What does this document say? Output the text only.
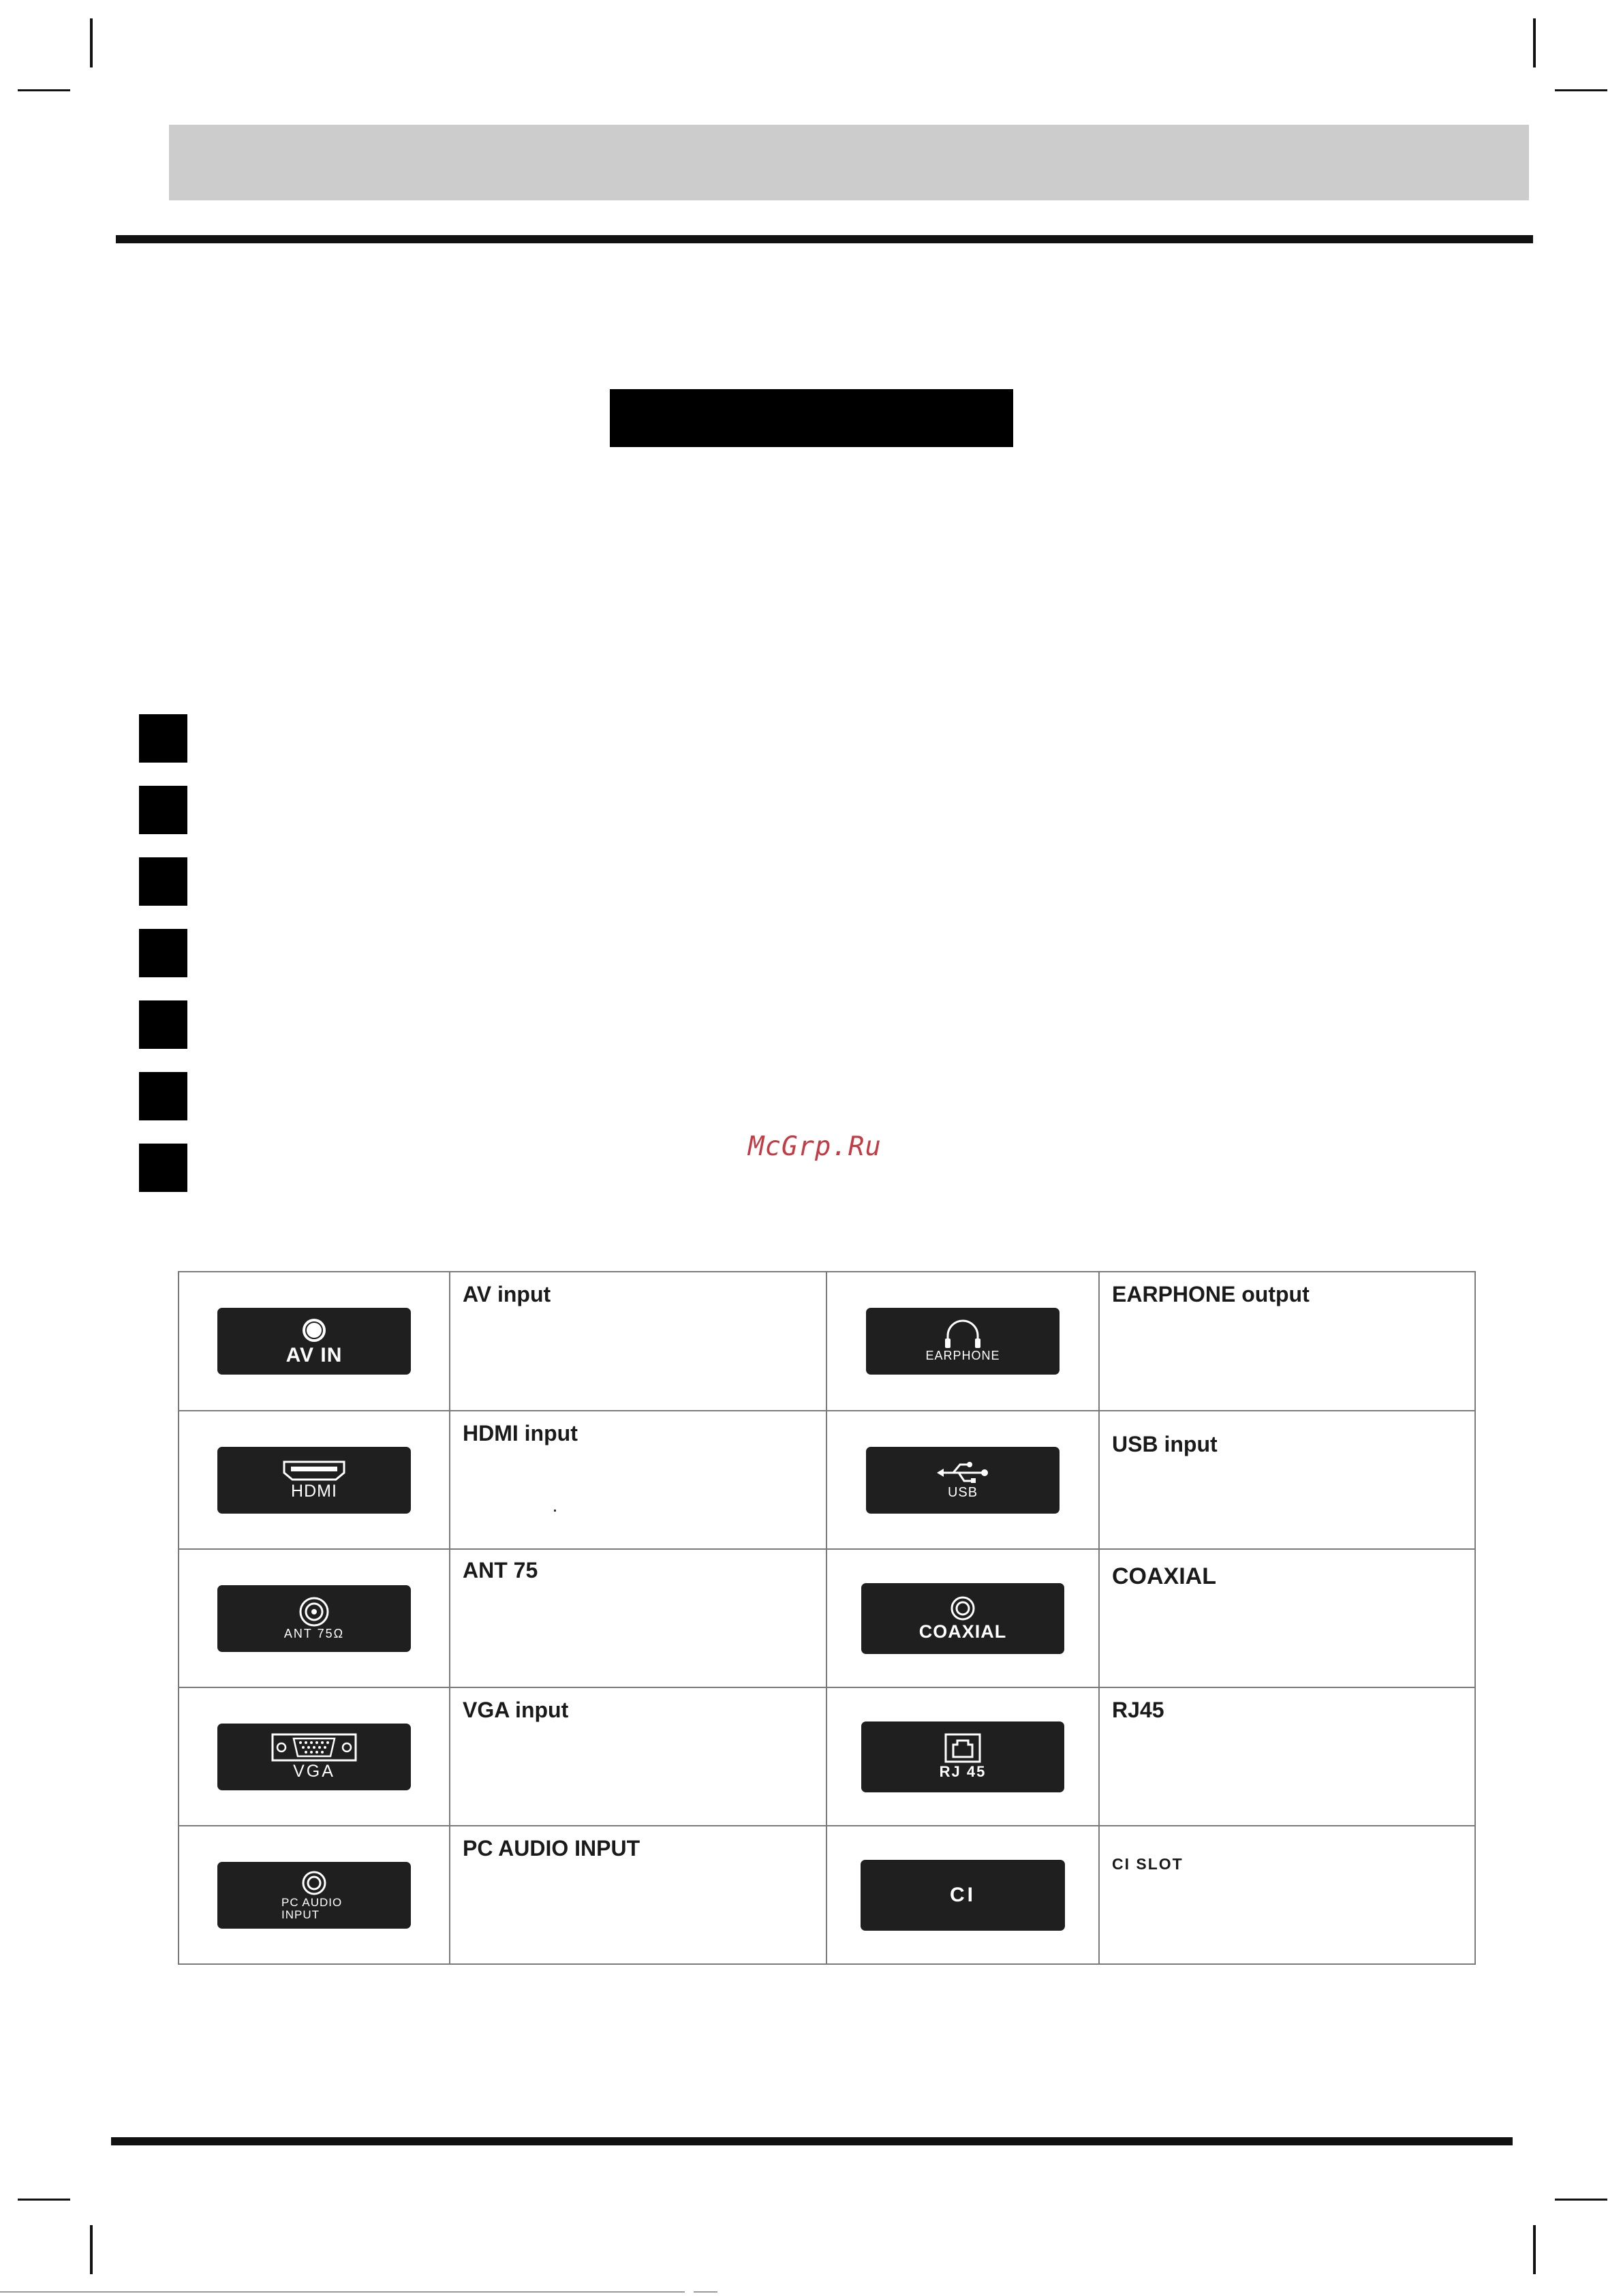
McGrp.Ru
AV IN	AV input	EARPHONE	EARPHONE output

HDMI	HDMI input	USB	USB input

ANT 75Ω	ANT 75	COAXIAL	COAXIAL

VGA	VGA input	RJ 45	RJ45

PC AUDIO
INPUT	PC AUDIO INPUT	CI	CI SLOT
